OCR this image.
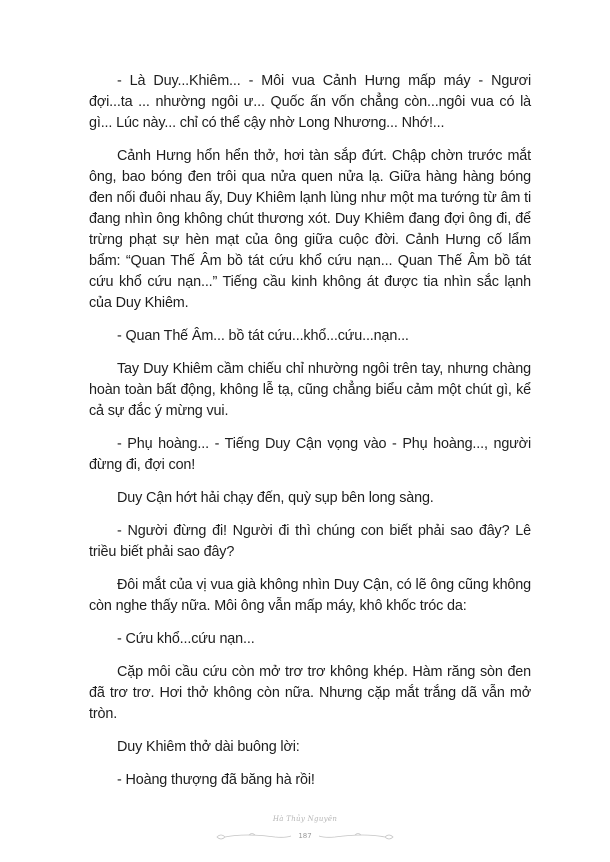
- Là Duy...Khiêm... - Môi vua Cảnh Hưng mấp máy - Ngươi đợi...ta ... nhường ngôi ư... Quốc ấn vốn chẳng còn...ngôi vua có là gì... Lúc này... chỉ có thể cậy nhờ Long Nhương... Nhớ!...

Cảnh Hưng hổn hển thở, hơi tàn sắp đứt. Chập chờn trước mắt ông, bao bóng đen trôi qua nửa quen nửa lạ. Giữa hàng hàng bóng đen nối đuôi nhau ấy, Duy Khiêm lạnh lùng như một ma tướng từ âm ti đang nhìn ông không chút thương xót. Duy Khiêm đang đợi ông đi, để trừng phạt sự hèn mạt của ông giữa cuộc đời. Cảnh Hưng cố lẩm bẩm: “Quan Thế Âm bồ tát cứu khổ cứu nạn... Quan Thế Âm bồ tát cứu khổ cứu nạn...” Tiếng cầu kinh không át được tia nhìn sắc lạnh của Duy Khiêm.

- Quan Thế Âm... bồ tát cứu...khổ...cứu...nạn...

Tay Duy Khiêm cầm chiếu chỉ nhường ngôi trên tay, nhưng chàng hoàn toàn bất động, không lễ tạ, cũng chẳng biểu cảm một chút gì, kể cả sự đắc ý mừng vui.

- Phụ hoàng... - Tiếng Duy Cận vọng vào - Phụ hoàng..., người đừng đi, đợi con!

Duy Cận hớt hải chạy đến, quỳ sụp bên long sàng.

- Người đừng đi! Người đi thì chúng con biết phải sao đây? Lê triều biết phải sao đây?

Đôi mắt của vị vua già không nhìn Duy Cận, có lẽ ông cũng không còn nghe thấy nữa. Môi ông vẫn mấp máy, khô khốc tróc da:

- Cứu khổ...cứu nạn...

Cặp môi cầu cứu còn mở trơ trơ không khép. Hàm răng sòn đen đã trơ trơ. Hơi thở không còn nữa. Nhưng cặp mắt trắng dã vẫn mở tròn.

Duy Khiêm thở dài buông lời:

- Hoàng thượng đã băng hà rồi!

Hà Thủy Nguyên
187
